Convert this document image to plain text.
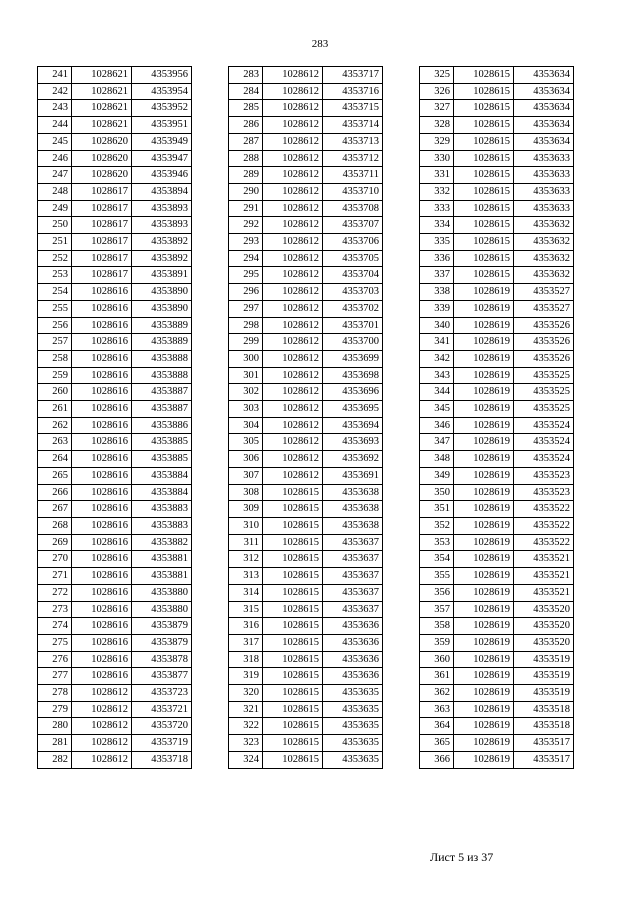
283
241	1028621	4353956
242	1028621	4353954
243	1028621	4353952
244	1028621	4353951
245	1028620	4353949
246	1028620	4353947
247	1028620	4353946
248	1028617	4353894
249	1028617	4353893
250	1028617	4353893
251	1028617	4353892
252	1028617	4353892
253	1028617	4353891
254	1028616	4353890
255	1028616	4353890
256	1028616	4353889
257	1028616	4353889
258	1028616	4353888
259	1028616	4353888
260	1028616	4353887
261	1028616	4353887
262	1028616	4353886
263	1028616	4353885
264	1028616	4353885
265	1028616	4353884
266	1028616	4353884
267	1028616	4353883
268	1028616	4353883
269	1028616	4353882
270	1028616	4353881
271	1028616	4353881
272	1028616	4353880
273	1028616	4353880
274	1028616	4353879
275	1028616	4353879
276	1028616	4353878
277	1028616	4353877
278	1028612	4353723
279	1028612	4353721
280	1028612	4353720
281	1028612	4353719
282	1028612	4353718
283	1028612	4353717
284	1028612	4353716
285	1028612	4353715
286	1028612	4353714
287	1028612	4353713
288	1028612	4353712
289	1028612	4353711
290	1028612	4353710
291	1028612	4353708
292	1028612	4353707
293	1028612	4353706
294	1028612	4353705
295	1028612	4353704
296	1028612	4353703
297	1028612	4353702
298	1028612	4353701
299	1028612	4353700
300	1028612	4353699
301	1028612	4353698
302	1028612	4353696
303	1028612	4353695
304	1028612	4353694
305	1028612	4353693
306	1028612	4353692
307	1028612	4353691
308	1028615	4353638
309	1028615	4353638
310	1028615	4353638
311	1028615	4353637
312	1028615	4353637
313	1028615	4353637
314	1028615	4353637
315	1028615	4353637
316	1028615	4353636
317	1028615	4353636
318	1028615	4353636
319	1028615	4353636
320	1028615	4353635
321	1028615	4353635
322	1028615	4353635
323	1028615	4353635
324	1028615	4353635
325	1028615	4353634
326	1028615	4353634
327	1028615	4353634
328	1028615	4353634
329	1028615	4353634
330	1028615	4353633
331	1028615	4353633
332	1028615	4353633
333	1028615	4353633
334	1028615	4353632
335	1028615	4353632
336	1028615	4353632
337	1028615	4353632
338	1028619	4353527
339	1028619	4353527
340	1028619	4353526
341	1028619	4353526
342	1028619	4353526
343	1028619	4353525
344	1028619	4353525
345	1028619	4353525
346	1028619	4353524
347	1028619	4353524
348	1028619	4353524
349	1028619	4353523
350	1028619	4353523
351	1028619	4353522
352	1028619	4353522
353	1028619	4353522
354	1028619	4353521
355	1028619	4353521
356	1028619	4353521
357	1028619	4353520
358	1028619	4353520
359	1028619	4353520
360	1028619	4353519
361	1028619	4353519
362	1028619	4353519
363	1028619	4353518
364	1028619	4353518
365	1028619	4353517
366	1028619	4353517
Лист 5 из 37
